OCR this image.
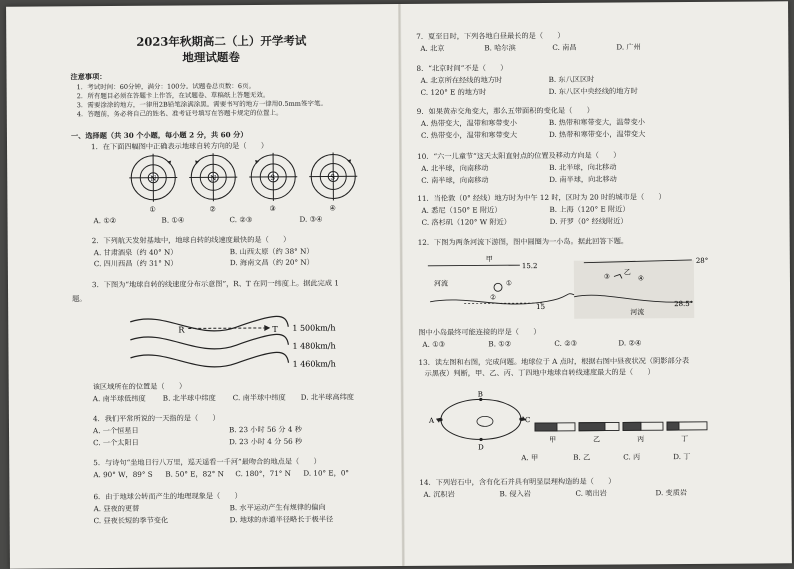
2023年秋期高二（上）开学考试
地理试题卷
注意事项：
1．考试时间：60分钟，满分：100分。试题卷总页数：6页。
2．所有题目必须在答题卡上作答，在试题卷、草稿纸上答题无效。
3．需要涂涂的地方，一律用2B铅笔涂满涂黑。需要书写的地方一律用0.5mm签字笔。
4．答题前，务必将自己的姓名、准考证号填写在答题卡规定的位置上。
一、选择题（共 30 个小题，每小题 2 分，共 60 分）
1．在下面四幅图中正确表示地球自转方向的是（　　）
N	N	S	S
①	②	③	④
A. ①②	B. ①④	C. ②③	D. ③④
2．下列航天发射基地中，地球自转的线速度最快的是（　　）
A. 甘肃酒泉（约 40° N）	B. 山西太原（约 38° N）
C. 四川西昌（约 31° N）	D. 海南文昌（约 20° N）
3．下图为“地球自转的线速度分布示意图”，R、T 在同一纬度上。据此完成 1
题。
R	T 1 500km/h
1 480km/h
1 460km/h
该区域所在的位置是（　　）
A. 南半球低纬度 B. 北半球中纬度 C. 南半球中纬度 D. 北半球高纬度
4．我们平常所说的一天指的是（　　）
A. 一个恒星日	B. 23 小时 56 分 4 秒
C. 一个太阳日	D. 23 小时 4 分 56 秒
5．与诗句“坐地日行八万里，巡天遥看一千河”最吻合的地点是（　　）
A. 90° W，89° S B. 50° E，82° N C. 180°，71° N D. 10° E，0°
6．由于地球公转而产生的地理现象是（　　）
A. 昼夜的更替	B. 水平运动产生有规律的偏向
C. 昼夜长短的季节变化	D. 地球的赤道半径略长于极半径
7．夏至日时，下列各地白昼最长的是（　　）
A. 北京	B. 哈尔滨	C. 南昌	D. 广州
8．“北京时间”不是（　　）
A. 北京所在经线的地方时	B. 东八区区时
C. 120° E 的地方时	D. 东八区中央经线的地方时
9．如果黄赤交角变大，那么五带面积的变化是（　　）
A. 热带变大，温带和寒带变小	B. 热带和寒带变大，温带变小
C. 热带变小，温带和寒带变大	D. 热带和寒带变小，温带变大
10．“六一儿童节”这天太阳直射点的位置及移动方向是（　　）
A. 北半球，向南移动	B. 北半球，向北移动
C. 南半球，向南移动	D. 南半球，向北移动
11．当伦敦（0° 经线）地方时为中午 12 时，区时为 20 时的城市是（　　）
A. 悉尼（150° E 附近）	B. 上海（120° E 附近）
C. 洛杉矶（120° W 附近）	D. 开罗（0° 经线附近）
12．下图为两条河流下游图，图中圆圈为一小岛。据此回答下题。
甲
乙
河流
河流
15.2
15
28°
28.5°
①
②
③	④
图中小岛最终可能连接的岸是（　　）
A. ①③	B. ①②	C. ②③	D. ②④
13．读左图和右图，完成问题。地球位于 A 点时，根据右图中昼夜状况（阴影部分表
示黑夜）判断，甲、乙、丙、丁四地中地球自转线速度最大的是（　　）
B
A	C
D
甲	乙	丙	丁
A. 甲	B. 乙	C. 丙	D. 丁
14．下列岩石中，含有化石并具有明显层理构造的是（　　）
A. 沉积岩	B. 侵入岩	C. 喷出岩	D. 变质岩
